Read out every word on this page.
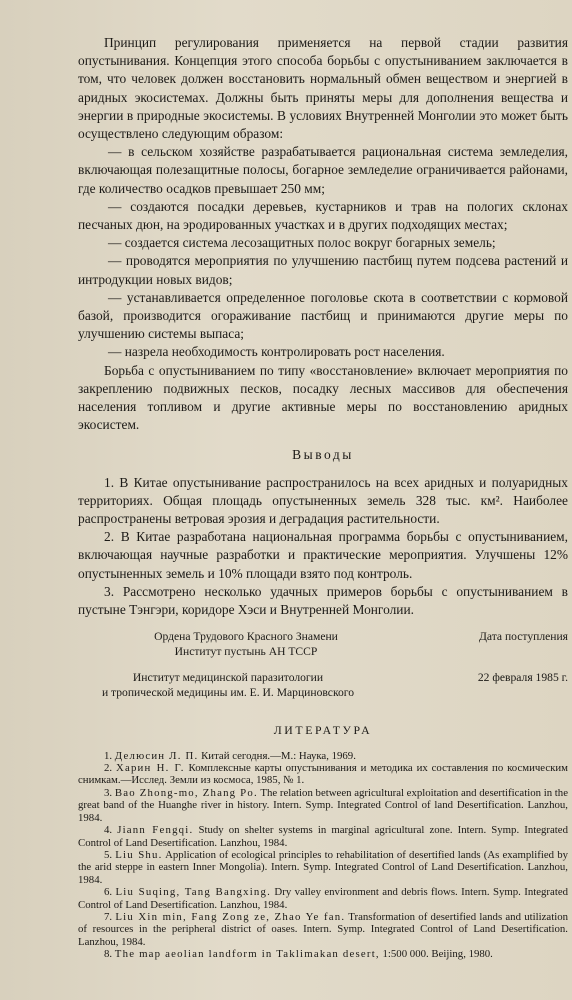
Принцип регулирования применяется на первой стадии развития опустынивания. Концепция этого способа борьбы с опустыниванием заключается в том, что человек должен восстановить нормальный обмен веществом и энергией в аридных экосистемах. Должны быть приняты меры для дополнения вещества и энергии в природные экосистемы. В условиях Внутренней Монголии это может быть осуществлено следующим образом:

— в сельском хозяйстве разрабатывается рациональная система земледелия, включающая полезащитные полосы, богарное земледелие ограничивается районами, где количество осадков превышает 250 мм;

— создаются посадки деревьев, кустарников и трав на пологих склонах песчаных дюн, на эродированных участках и в других подходящих местах;

— создается система лесозащитных полос вокруг богарных земель;

— проводятся мероприятия по улучшению пастбищ путем подсева растений и интродукции новых видов;

— устанавливается определенное поголовье скота в соответствии с кормовой базой, производится огораживание пастбищ и принимаются другие меры по улучшению системы выпаса;

— назрела необходимость контролировать рост населения.

Борьба с опустыниванием по типу «восстановление» включает мероприятия по закреплению подвижных песков, посадку лесных массивов для обеспечения населения топливом и другие активные меры по восстановлению аридных экосистем.

Выводы

1. В Китае опустынивание распространилось на всех аридных и полуаридных территориях. Общая площадь опустыненных земель 328 тыс. км². Наиболее распространены ветровая эрозия и деградация растительности.

2. В Китае разработана национальная программа борьбы с опустыниванием, включающая научные разработки и практические мероприятия. Улучшены 12% опустыненных земель и 10% площади взято под контроль.

3. Рассмотрено несколько удачных примеров борьбы с опустыниванием в пустыне Тэнгэри, коридоре Хэси и Внутренней Монголии.

Ордена Трудового Красного Знамени
Институт пустынь АН ТССР
Дата поступления
Институт медицинской паразитологии
и тропической медицины им. Е. И. Марциновского
22 февраля 1985 г.
ЛИТЕРАТУРА

1. Делюсин Л. П. Китай сегодня.—М.: Наука, 1969.

2. Харин Н. Г. Комплексные карты опустынивания и методика их составления по космическим снимкам.—Исслед. Земли из космоса, 1985, № 1.

3. Bao Zhong-mo, Zhang Po. The relation between agricultural exploitation and desertification in the great band of the Huanghe river in history. Intern. Symp. Integrated Control of land Desertification. Lanzhou, 1984.

4. Jiann Fengqi. Study on shelter systems in marginal agricultural zone. Intern. Symp. Integrated Control of Land Desertification. Lanzhou, 1984.

5. Liu Shu. Application of ecological principles to rehabilitation of desertified lands (As examplified by the arid steppe in eastern Inner Mongolia). Intern. Symp. Integrated Control of Land Desertification. Lanzhou, 1984.

6. Liu Suqing, Tang Bangxing. Dry valley environment and debris flows. Intern. Symp. Integrated Control of Land Desertification. Lanzhou, 1984.

7. Liu Xin min, Fang Zong ze, Zhao Ye fan. Transformation of desertified lands and utilization of resources in the peripheral district of oases. Intern. Symp. Integrated Control of Land Desertification. Lanzhou, 1984.

8. The map aeolian landform in Taklimakan desert, 1:500 000. Beijing, 1980.
